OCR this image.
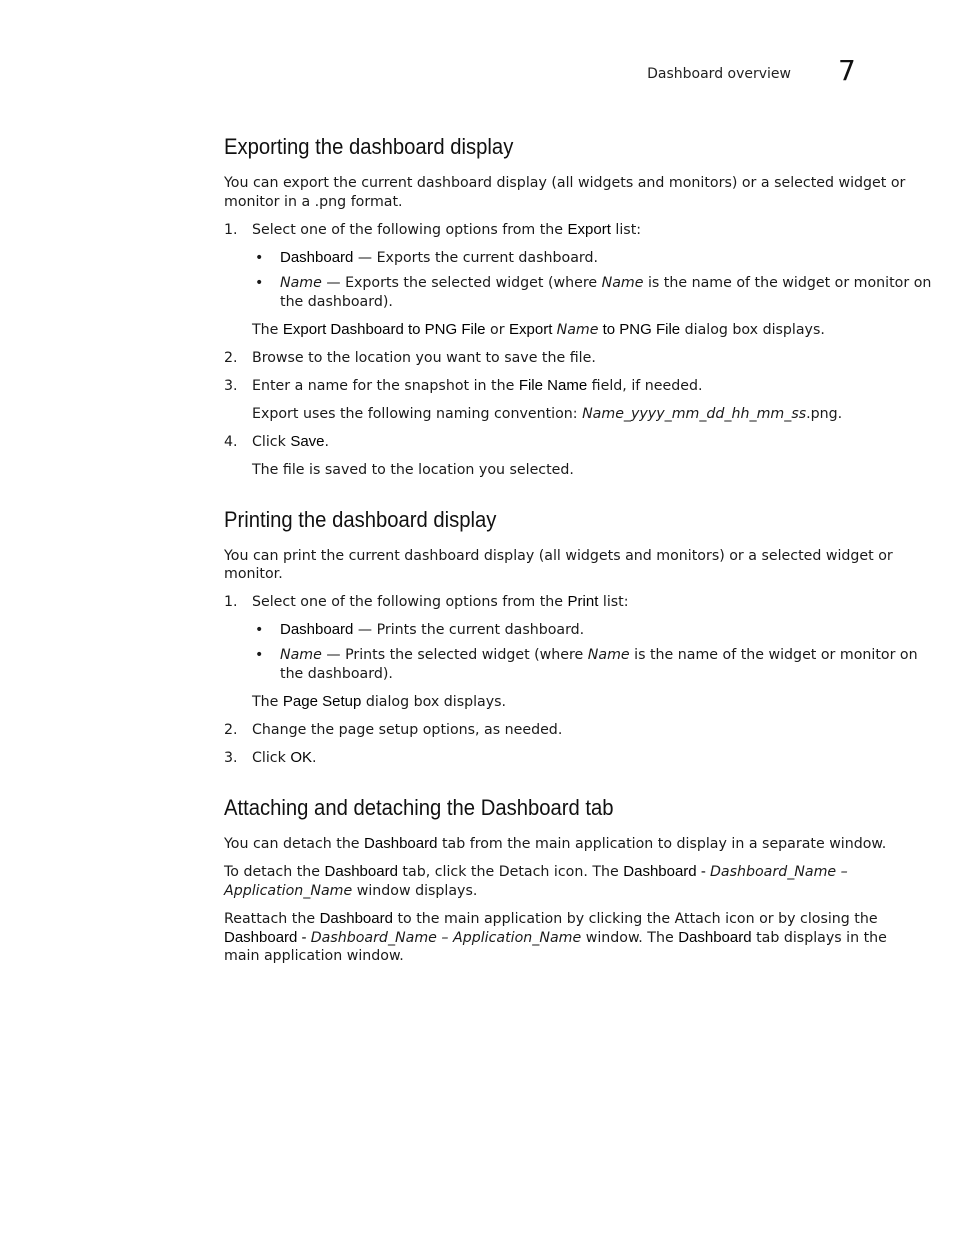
Dashboard overview 7
Exporting the dashboard display

You can export the current dashboard display (all widgets and monitors) or a selected widget or

monitor in a .png format.

1. Select one of the following options from the Export list:

• Dashboard — Exports the current dashboard.

• Name — Exports the selected widget (where Name is the name of the widget or monitor on

the dashboard).

The Export Dashboard to PNG File or Export Name to PNG File dialog box displays.

2. Browse to the location you want to save the file.

3. Enter a name for the snapshot in the File Name field, if needed.

Export uses the following naming convention: Name_yyyy_mm_dd_hh_mm_ss.png.

4. Click Save.

The file is saved to the location you selected.

Printing the dashboard display

You can print the current dashboard display (all widgets and monitors) or a selected widget or

monitor.

1. Select one of the following options from the Print list:

• Dashboard — Prints the current dashboard.

• Name — Prints the selected widget (where Name is the name of the widget or monitor on

the dashboard).

The Page Setup dialog box displays.

2. Change the page setup options, as needed.

3. Click OK.

Attaching and detaching the Dashboard tab

You can detach the Dashboard tab from the main application to display in a separate window.

To detach the Dashboard tab, click the Detach icon. The Dashboard - Dashboard_Name –

Application_Name window displays.

Reattach the Dashboard to the main application by clicking the Attach icon or by closing the

Dashboard - Dashboard_Name – Application_Name window. The Dashboard tab displays in the

main application window.
